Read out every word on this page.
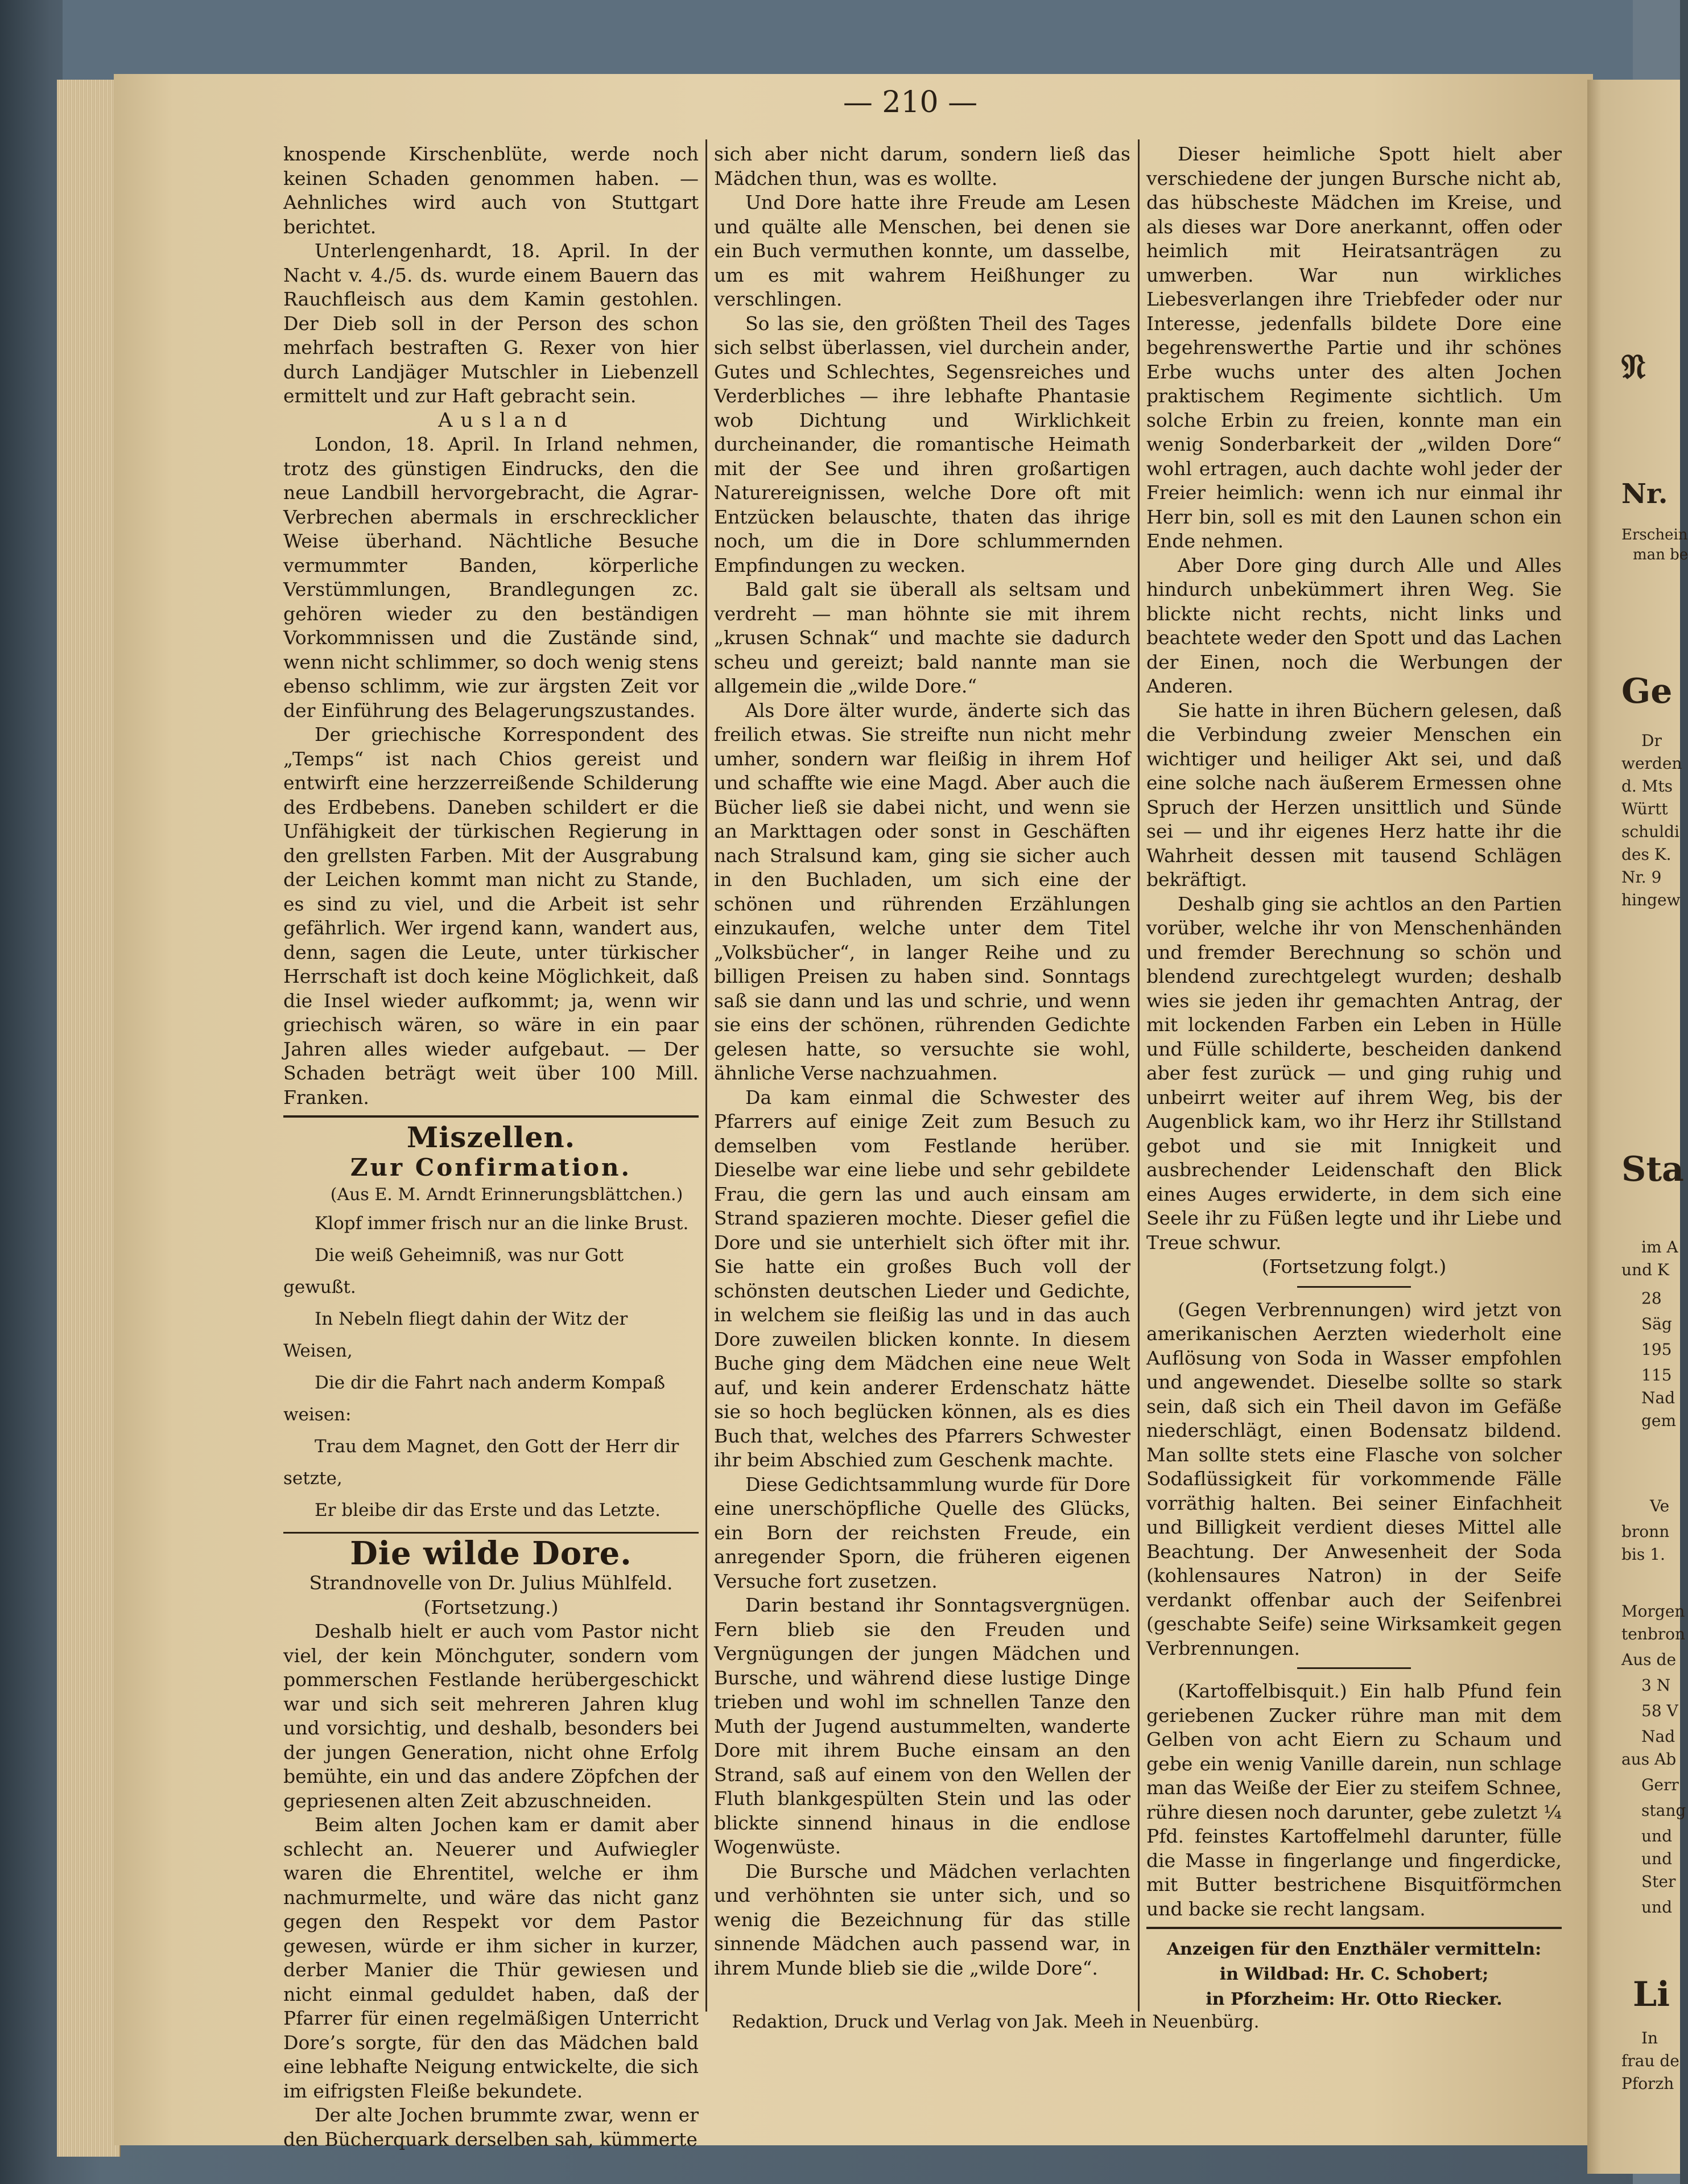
𝔑
Nr.
Erschein
man be
Ge
Dr
werden
d. Mts
Württ
schuldi
des K.
Nr. 9
hingew
Sta
im A
und K
28
Säg
195
115
Nad
gem
Ve
bronn
bis 1.
Morgen
tenbron
Aus de
3 N
58 V
Nad
aus Ab
Gerr
stang
und
und
Ster
und
Li
In
frau de
Pforzh
— 210 —

knospende Kirschenblüte, werde noch keinen Schaden genommen haben. — Aehnliches wird auch von Stuttgart berichtet.

Unterlengenhardt, 18. April. In der Nacht v. 4./5. ds. wurde einem Bauern das Rauchfleisch aus dem Kamin gestohlen. Der Dieb soll in der Person des schon mehrfach bestraften G. Rexer von hier durch Landjäger Mutschler in Liebenzell ermittelt und zur Haft gebracht sein.

Ausland

London, 18. April. In Irland nehmen, trotz des günstigen Eindrucks, den die neue Landbill hervorgebracht, die Agrar-Verbrechen abermals in erschrecklicher Weise überhand. Nächtliche Besuche vermummter Banden, körperliche Verstümmlungen, Brandlegungen zc. gehören wieder zu den beständigen Vorkommnissen und die Zustände sind, wenn nicht schlimmer, so doch wenig stens ebenso schlimm, wie zur ärgsten Zeit vor der Einführung des Belagerungszustandes.

Der griechische Korrespondent des „Temps“ ist nach Chios gereist und entwirft eine herzzerreißende Schilderung des Erdbebens. Daneben schildert er die Unfähigkeit der türkischen Regierung in den grellsten Farben. Mit der Ausgrabung der Leichen kommt man nicht zu Stande, es sind zu viel, und die Arbeit ist sehr gefährlich. Wer irgend kann, wandert aus, denn, sagen die Leute, unter türkischer Herrschaft ist doch keine Möglichkeit, daß die Insel wieder aufkommt; ja, wenn wir griechisch wären, so wäre in ein paar Jahren alles wieder aufgebaut. — Der Schaden beträgt weit über 100 Mill. Franken.

Miszellen.
Zur Confirmation.

(Aus E. M. Arndt Erinnerungsblättchen.)

Klopf immer frisch nur an die linke Brust.

Die weiß Geheimniß, was nur Gott gewußt.

In Nebeln fliegt dahin der Witz der Weisen,

Die dir die Fahrt nach anderm Kompaß weisen:

Trau dem Magnet, den Gott der Herr dir setzte,

Er bleibe dir das Erste und das Letzte.

Die wilde Dore.

Strandnovelle von Dr. Julius Mühlfeld.

(Fortsetzung.)

Deshalb hielt er auch vom Pastor nicht viel, der kein Mönchguter, sondern vom pommerschen Festlande herübergeschickt war und sich seit mehreren Jahren klug und vorsichtig, und deshalb, besonders bei der jungen Generation, nicht ohne Erfolg bemühte, ein und das andere Zöpfchen der gepriesenen alten Zeit abzuschneiden.

Beim alten Jochen kam er damit aber schlecht an. Neuerer und Aufwiegler waren die Ehrentitel, welche er ihm nachmurmelte, und wäre das nicht ganz gegen den Respekt vor dem Pastor gewesen, würde er ihm sicher in kurzer, derber Manier die Thür gewiesen und nicht einmal geduldet haben, daß der Pfarrer für einen regelmäßigen Unterricht Dore’s sorgte, für den das Mädchen bald eine lebhafte Neigung entwickelte, die sich im eifrigsten Fleiße bekundete.

Der alte Jochen brummte zwar, wenn er den Bücherquark derselben sah, kümmerte

sich aber nicht darum, sondern ließ das Mädchen thun, was es wollte.

Und Dore hatte ihre Freude am Lesen und quälte alle Menschen, bei denen sie ein Buch vermuthen konnte, um dasselbe, um es mit wahrem Heißhunger zu verschlingen.

So las sie, den größten Theil des Tages sich selbst überlassen, viel durchein ander, Gutes und Schlechtes, Segensreiches und Verderbliches — ihre lebhafte Phantasie wob Dichtung und Wirklichkeit durcheinander, die romantische Heimath mit der See und ihren großartigen Naturereignissen, welche Dore oft mit Entzücken belauschte, thaten das ihrige noch, um die in Dore schlummernden Empfindungen zu wecken.

Bald galt sie überall als seltsam und verdreht — man höhnte sie mit ihrem „krusen Schnak“ und machte sie dadurch scheu und gereizt; bald nannte man sie allgemein die „wilde Dore.“

Als Dore älter wurde, änderte sich das freilich etwas. Sie streifte nun nicht mehr umher, sondern war fleißig in ihrem Hof und schaffte wie eine Magd. Aber auch die Bücher ließ sie dabei nicht, und wenn sie an Markttagen oder sonst in Geschäften nach Stralsund kam, ging sie sicher auch in den Buchladen, um sich eine der schönen und rührenden Erzählungen einzukaufen, welche unter dem Titel „Volksbücher“, in langer Reihe und zu billigen Preisen zu haben sind. Sonntags saß sie dann und las und schrie, und wenn sie eins der schönen, rührenden Gedichte gelesen hatte, so versuchte sie wohl, ähnliche Verse nachzuahmen.

Da kam einmal die Schwester des Pfarrers auf einige Zeit zum Besuch zu demselben vom Festlande herüber. Dieselbe war eine liebe und sehr gebildete Frau, die gern las und auch einsam am Strand spazieren mochte. Dieser gefiel die Dore und sie unterhielt sich öfter mit ihr. Sie hatte ein großes Buch voll der schönsten deutschen Lieder und Gedichte, in welchem sie fleißig las und in das auch Dore zuweilen blicken konnte. In diesem Buche ging dem Mädchen eine neue Welt auf, und kein anderer Erdenschatz hätte sie so hoch beglücken können, als es dies Buch that, welches des Pfarrers Schwester ihr beim Abschied zum Geschenk machte.

Diese Gedichtsammlung wurde für Dore eine unerschöpfliche Quelle des Glücks, ein Born der reichsten Freude, ein anregender Sporn, die früheren eigenen Versuche fort zusetzen.

Darin bestand ihr Sonntagsvergnügen. Fern blieb sie den Freuden und Vergnügungen der jungen Mädchen und Bursche, und während diese lustige Dinge trieben und wohl im schnellen Tanze den Muth der Jugend austummelten, wanderte Dore mit ihrem Buche einsam an den Strand, saß auf einem von den Wellen der Fluth blankgespülten Stein und las oder blickte sinnend hinaus in die endlose Wogenwüste.

Die Bursche und Mädchen verlachten und verhöhnten sie unter sich, und so wenig die Bezeichnung für das stille sinnende Mädchen auch passend war, in ihrem Munde blieb sie die „wilde Dore“.

Dieser heimliche Spott hielt aber verschiedene der jungen Bursche nicht ab, das hübscheste Mädchen im Kreise, und als dieses war Dore anerkannt, offen oder heimlich mit Heiratsanträgen zu umwerben. War nun wirkliches Liebesverlangen ihre Triebfeder oder nur Interesse, jedenfalls bildete Dore eine begehrenswerthe Partie und ihr schönes Erbe wuchs unter des alten Jochen praktischem Regimente sichtlich. Um solche Erbin zu freien, konnte man ein wenig Sonderbarkeit der „wilden Dore“ wohl ertragen, auch dachte wohl jeder der Freier heimlich: wenn ich nur einmal ihr Herr bin, soll es mit den Launen schon ein Ende nehmen.

Aber Dore ging durch Alle und Alles hindurch unbekümmert ihren Weg. Sie blickte nicht rechts, nicht links und beachtete weder den Spott und das Lachen der Einen, noch die Werbungen der Anderen.

Sie hatte in ihren Büchern gelesen, daß die Verbindung zweier Menschen ein wichtiger und heiliger Akt sei, und daß eine solche nach äußerem Ermessen ohne Spruch der Herzen unsittlich und Sünde sei — und ihr eigenes Herz hatte ihr die Wahrheit dessen mit tausend Schlägen bekräftigt.

Deshalb ging sie achtlos an den Partien vorüber, welche ihr von Menschenhänden und fremder Berechnung so schön und blendend zurechtgelegt wurden; deshalb wies sie jeden ihr gemachten Antrag, der mit lockenden Farben ein Leben in Hülle und Fülle schilderte, bescheiden dankend aber fest zurück — und ging ruhig und unbeirrt weiter auf ihrem Weg, bis der Augenblick kam, wo ihr Herz ihr Stillstand gebot und sie mit Innigkeit und ausbrechender Leidenschaft den Blick eines Auges erwiderte, in dem sich eine Seele ihr zu Füßen legte und ihr Liebe und Treue schwur.

(Fortsetzung folgt.)

(Gegen Verbrennungen) wird jetzt von amerikanischen Aerzten wiederholt eine Auflösung von Soda in Wasser empfohlen und angewendet. Dieselbe sollte so stark sein, daß sich ein Theil davon im Gefäße niederschlägt, einen Bodensatz bildend. Man sollte stets eine Flasche von solcher Sodaflüssigkeit für vorkommende Fälle vorräthig halten. Bei seiner Einfachheit und Billigkeit verdient dieses Mittel alle Beachtung. Der Anwesenheit der Soda (kohlensaures Natron) in der Seife verdankt offenbar auch der Seifenbrei (geschabte Seife) seine Wirksamkeit gegen Verbrennungen.

(Kartoffelbisquit.) Ein halb Pfund fein geriebenen Zucker rühre man mit dem Gelben von acht Eiern zu Schaum und gebe ein wenig Vanille darein, nun schlage man das Weiße der Eier zu steifem Schnee, rühre diesen noch darunter, gebe zuletzt ¼ Pfd. feinstes Kartoffelmehl darunter, fülle die Masse in fingerlange und fingerdicke, mit Butter bestrichene Bisquitförmchen und backe sie recht langsam.

Anzeigen für den Enzthäler vermitteln:
in Wildbad: Hr. C. Schobert;
in Pforzheim: Hr. Otto Riecker.
Redaktion, Druck und Verlag von Jak. Meeh in Neuenbürg.
